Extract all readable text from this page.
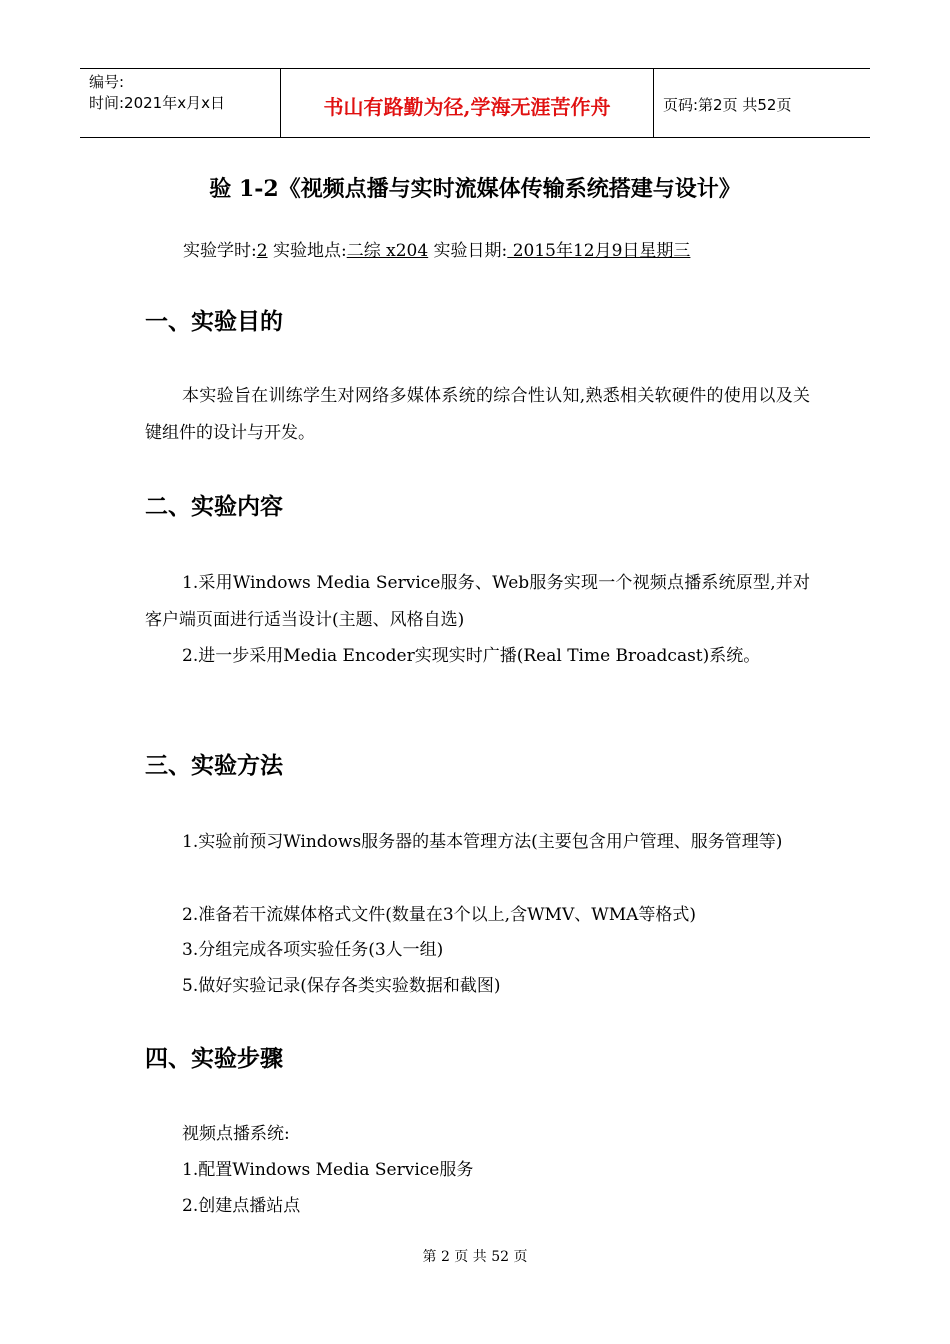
编号:
时间:2021年x月x日	书山有路勤为径,学海无涯苦作舟	页码:第2页 共52页
验 1-2《视频点播与实时流媒体传输系统搭建与设计》
实验学时:2 实验地点:二综 x204 实验日期: 2015年12月9日星期三
一、实验目的
本实验旨在训练学生对网络多媒体系统的综合性认知,熟悉相关软硬件的使用以及关键组件的设计与开发。
二、实验内容
1.采用Windows Media Service服务、Web服务实现一个视频点播系统原型,并对客户端页面进行适当设计(主题、风格自选)
2.进一步采用Media Encoder实现实时广播(Real Time Broadcast)系统。
三、实验方法
1.实验前预习Windows服务器的基本管理方法(主要包含用户管理、服务管理等)
2.准备若干流媒体格式文件(数量在3个以上,含WMV、WMA等格式)
3.分组完成各项实验任务(3人一组)
5.做好实验记录(保存各类实验数据和截图)
四、实验步骤
视频点播系统:
1.配置Windows Media Service服务
2.创建点播站点
第 2 页 共 52 页
